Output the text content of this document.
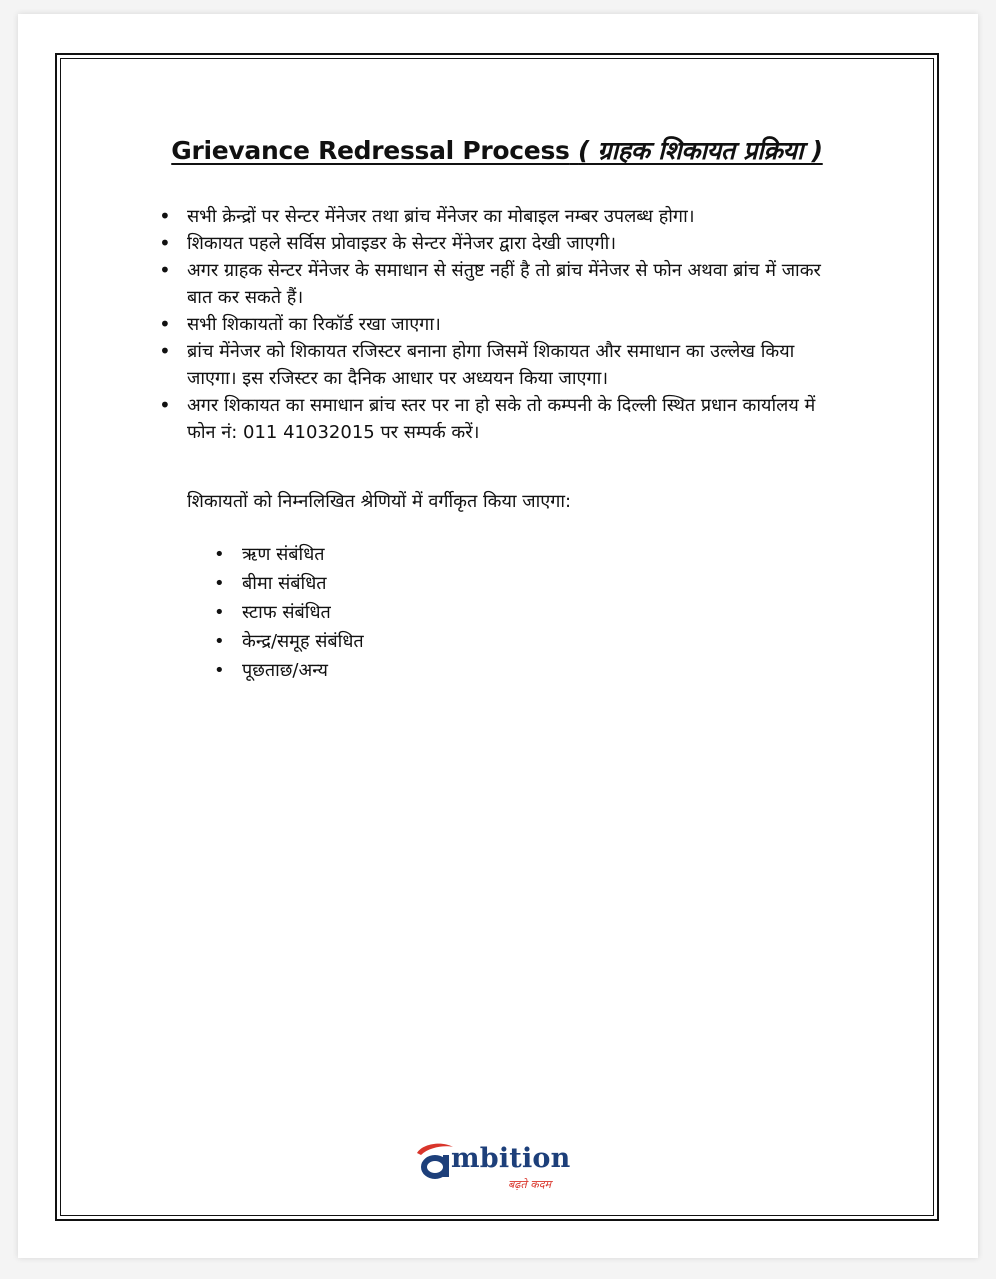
Grievance Redressal Process ( ग्राहक शिकायत प्रक्रिया )
• सभी क्रेन्द्रों पर सेन्टर मेंनेजर तथा ब्रांच मेंनेजर का मोबाइल नम्बर उपलब्ध होगा।
• शिकायत पहले सर्विस प्रोवाइडर के सेन्टर मेंनेजर द्वारा देखी जाएगी।
• अगर ग्राहक सेन्टर मेंनेजर के समाधान से संतुष्ट नहीं है तो ब्रांच मेंनेजर से फोन अथवा ब्रांच में जाकर बात कर सकते हैं।
• सभी शिकायतों का रिकॉर्ड रखा जाएगा।
• ब्रांच मेंनेजर को शिकायत रजिस्टर बनाना होगा जिसमें शिकायत और समाधान का उल्लेख किया जाएगा। इस रजिस्टर का दैनिक आधार पर अध्ययन किया जाएगा।
• अगर शिकायत का समाधान ब्रांच स्तर पर ना हो सके तो कम्पनी के दिल्ली स्थित प्रधान कार्यालय में फोन नं: 011 41032015 पर सम्पर्क करें।
शिकायतों को निम्नलिखित श्रेणियों में वर्गीकृत किया जाएगा:
• ऋण संबंधित
• बीमा संबंधित
• स्टाफ संबंधित
• केन्द्र/समूह संबंधित
• पूछताछ/अन्य
mbition
बढ़ते कदम
